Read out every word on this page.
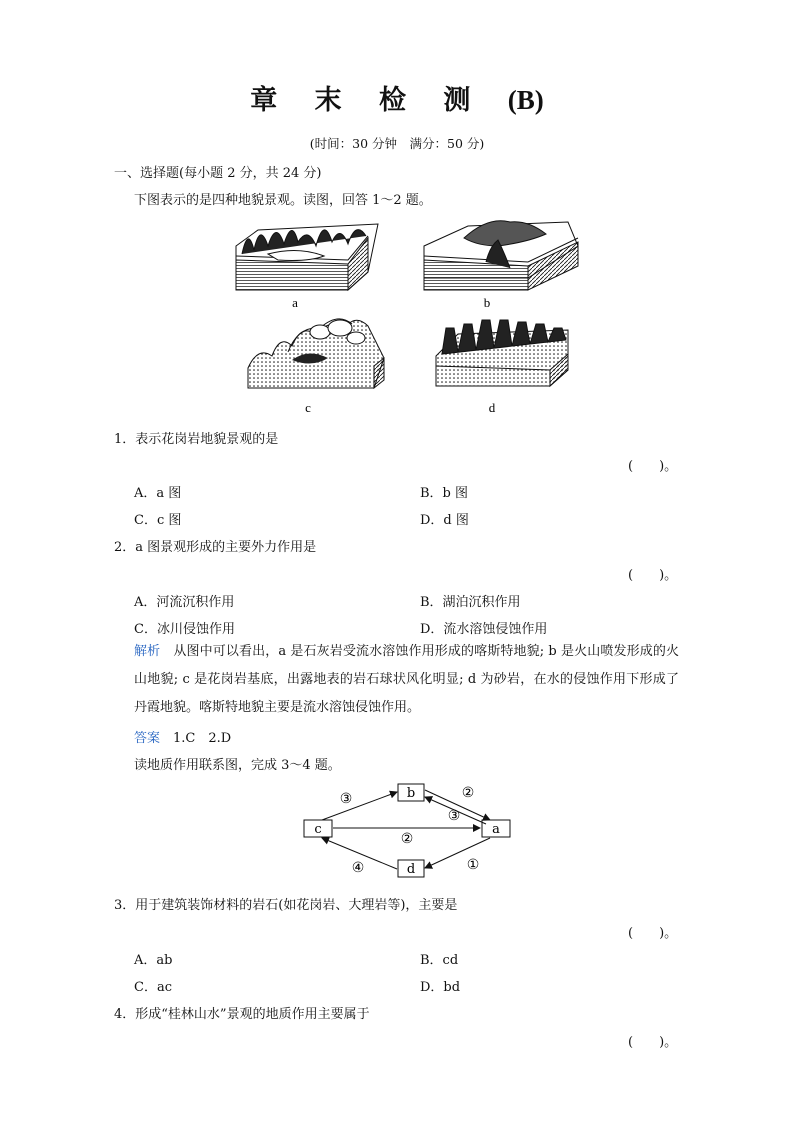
章 末 检 测 (B)
(时间：30 分钟　满分：50 分)
一、选择题(每小题 2 分，共 24 分)
下图表示的是四种地貌景观。读图，回答 1～2 题。
a	b
c	d
1．表示花岗岩地貌景观的是
(　　)。
A．a 图	B．b 图
C．c 图	D．d 图
2．a 图景观形成的主要外力作用是
(　　)。
A．河流沉积作用	B．湖泊沉积作用
C．冰川侵蚀作用	D．流水溶蚀侵蚀作用
解析　 从图中可以看出，a 是石灰岩受流水溶蚀作用形成的喀斯特地貌; b 是火山喷发形成的火山地貌; c 是花岗岩基底，出露地表的岩石球状风化明显; d 为砂岩，在水的侵蚀作用下形成了丹霞地貌。喀斯特地貌主要是流水溶蚀侵蚀作用。
答案　 1.C　2.D
读地质作用联系图，完成 3～4 题。
b
c	a
d
③	②
③
②
①
④
3．用于建筑装饰材料的岩石(如花岗岩、大理岩等)，主要是
(　　)。
A．ab	B．cd
C．ac	D．bd
4．形成“桂林山水”景观的地质作用主要属于
(　　)。
